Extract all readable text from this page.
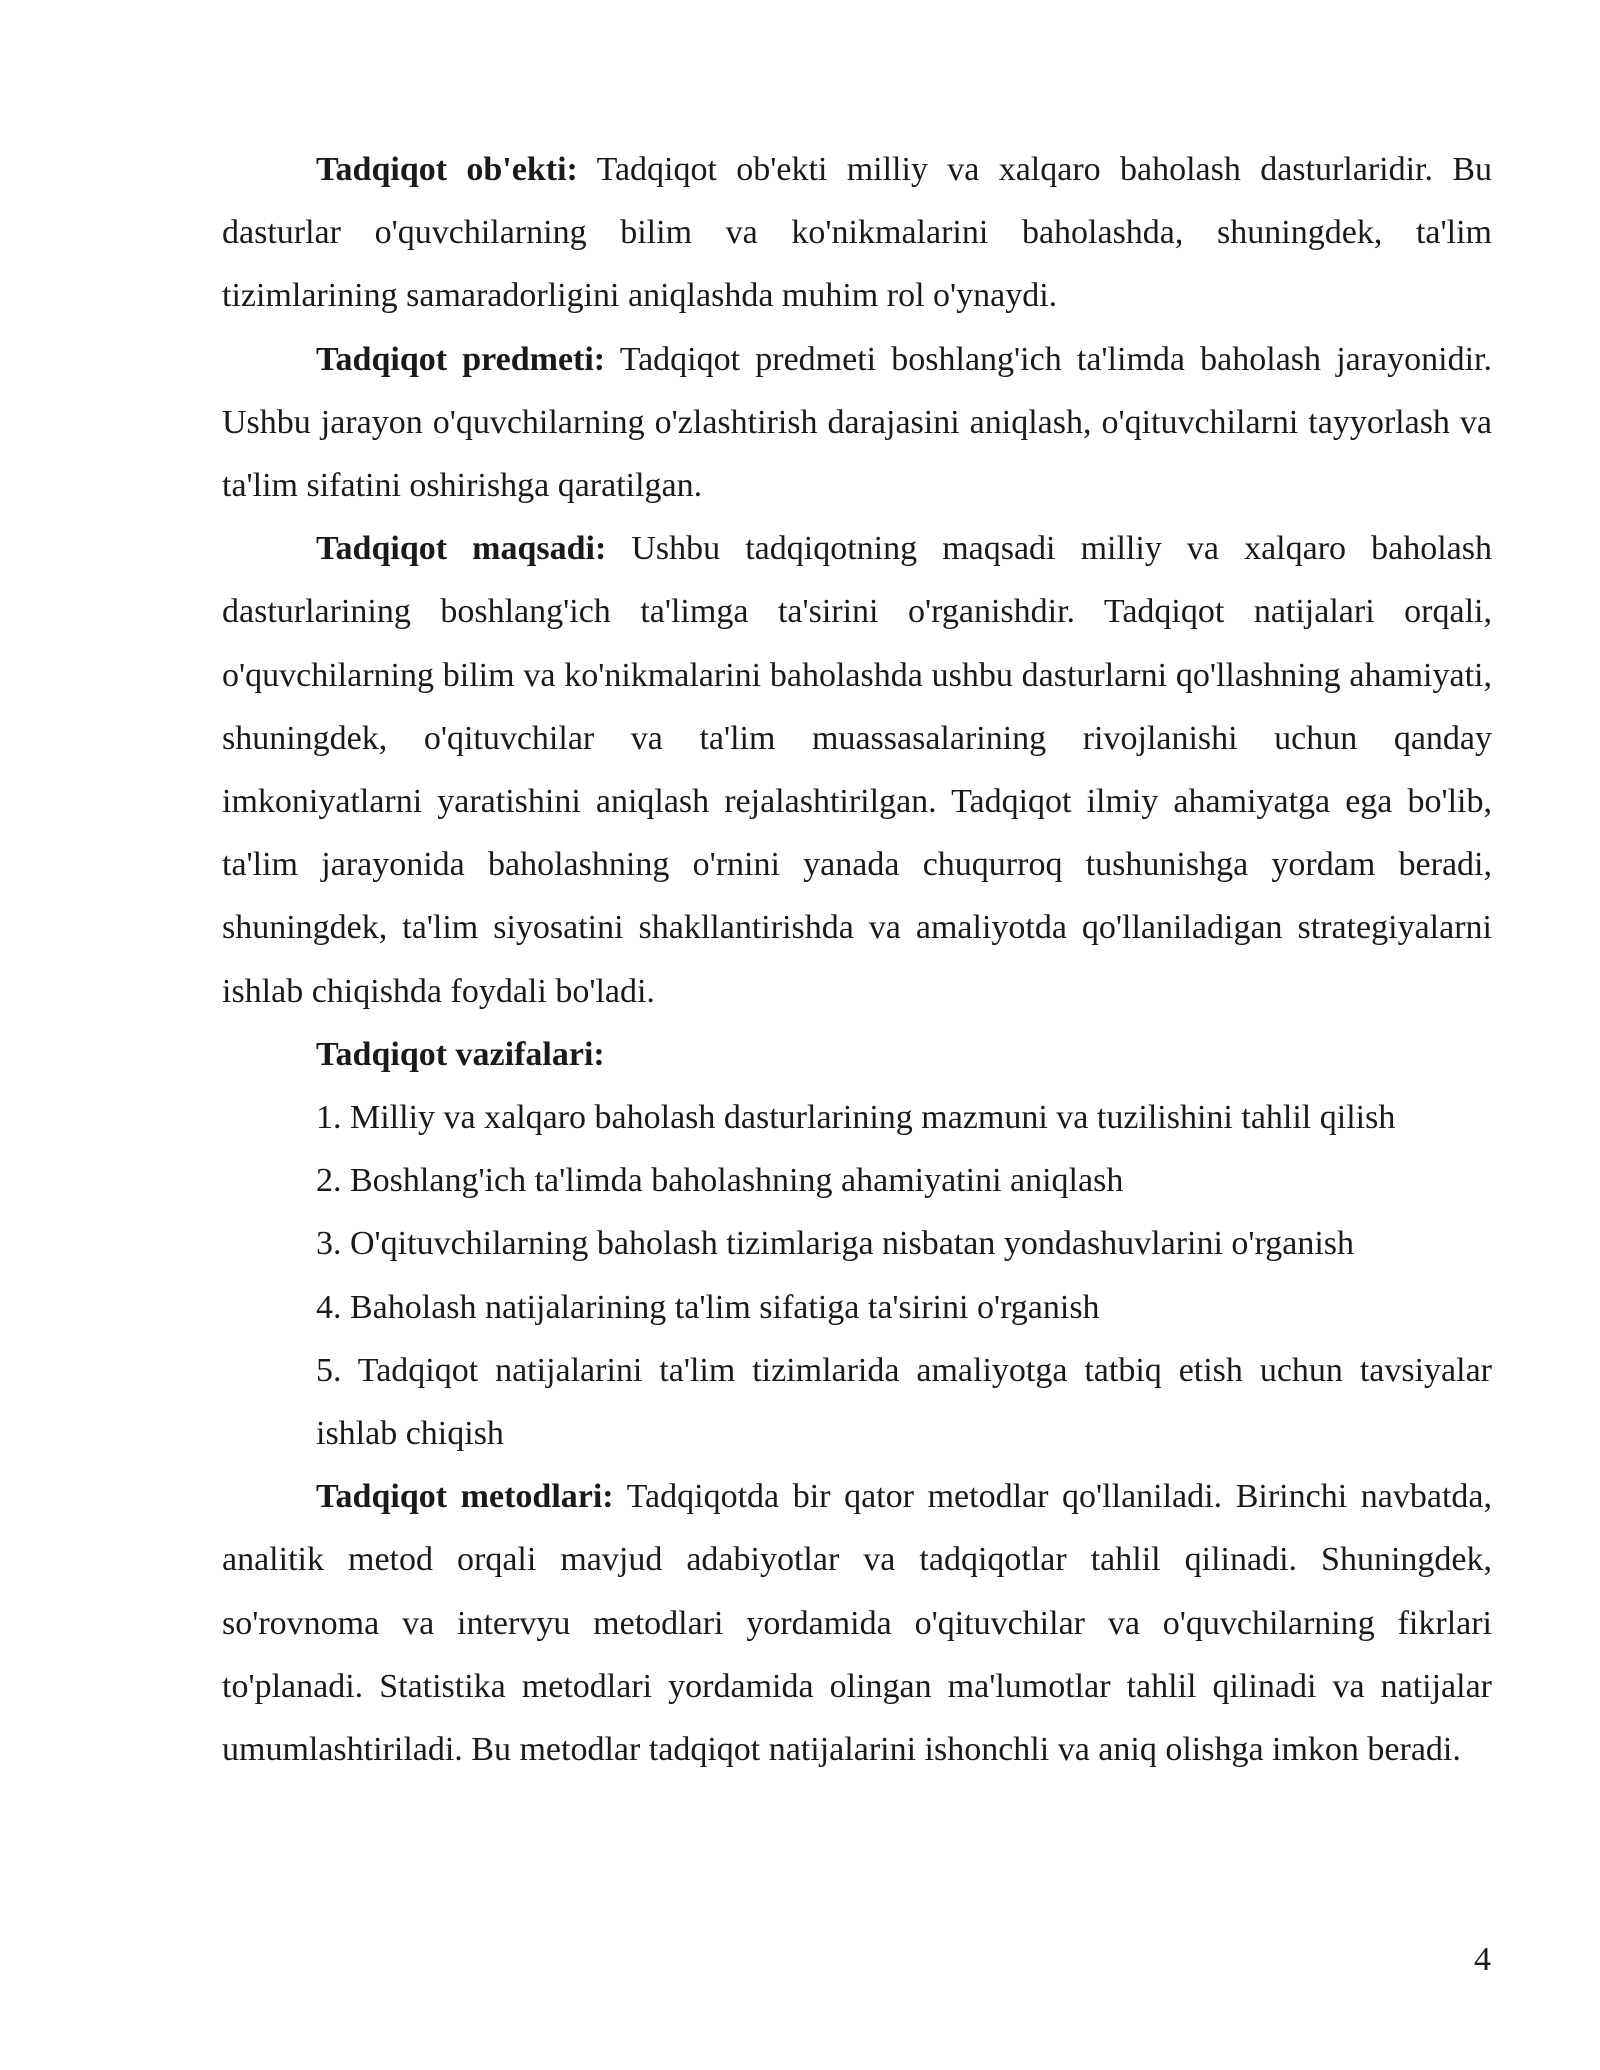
Tadqiqot ob'ekti: Tadqiqot ob'ekti milliy va xalqaro baholash dasturlaridir. Bu dasturlar o'quvchilarning bilim va ko'nikmalarini baholashda, shuningdek, ta'lim tizimlarining samaradorligini aniqlashda muhim rol o'ynaydi.

Tadqiqot predmeti: Tadqiqot predmeti boshlang'ich ta'limda baholash jarayonidir. Ushbu jarayon o'quvchilarning o'zlashtirish darajasini aniqlash, o'qituvchilarni tayyorlash va ta'lim sifatini oshirishga qaratilgan.

Tadqiqot maqsadi: Ushbu tadqiqotning maqsadi milliy va xalqaro baholash dasturlarining boshlang'ich ta'limga ta'sirini o'rganishdir. Tadqiqot natijalari orqali, o'quvchilarning bilim va ko'nikmalarini baholashda ushbu dasturlarni qo'llashning ahamiyati, shuningdek, o'qituvchilar va ta'lim muassasalarining rivojlanishi uchun qanday imkoniyatlarni yaratishini aniqlash rejalashtirilgan. Tadqiqot ilmiy ahamiyatga ega bo'lib, ta'lim jarayonida baholashning o'rnini yanada chuqurroq tushunishga yordam beradi, shuningdek, ta'lim siyosatini shakllantirishda va amaliyotda qo'llaniladigan strategiyalarni ishlab chiqishda foydali bo'ladi.

Tadqiqot vazifalari:

1. Milliy va xalqaro baholash dasturlarining mazmuni va tuzilishini tahlil qilish
2. Boshlang'ich ta'limda baholashning ahamiyatini aniqlash
3. O'qituvchilarning baholash tizimlariga nisbatan yondashuvlarini o'rganish
4. Baholash natijalarining ta'lim sifatiga ta'sirini o'rganish
5. Tadqiqot natijalarini ta'lim tizimlarida amaliyotga tatbiq etish uchun tavsiyalar ishlab chiqish

Tadqiqot metodlari: Tadqiqotda bir qator metodlar qo'llaniladi. Birinchi navbatda, analitik metod orqali mavjud adabiyotlar va tadqiqotlar tahlil qilinadi. Shuningdek, so'rovnoma va intervyu metodlari yordamida o'qituvchilar va o'quvchilarning fikrlari to'planadi. Statistika metodlari yordamida olingan ma'lumotlar tahlil qilinadi va natijalar umumlashtiriladi. Bu metodlar tadqiqot natijalarini ishonchli va aniq olishga imkon beradi.

4
